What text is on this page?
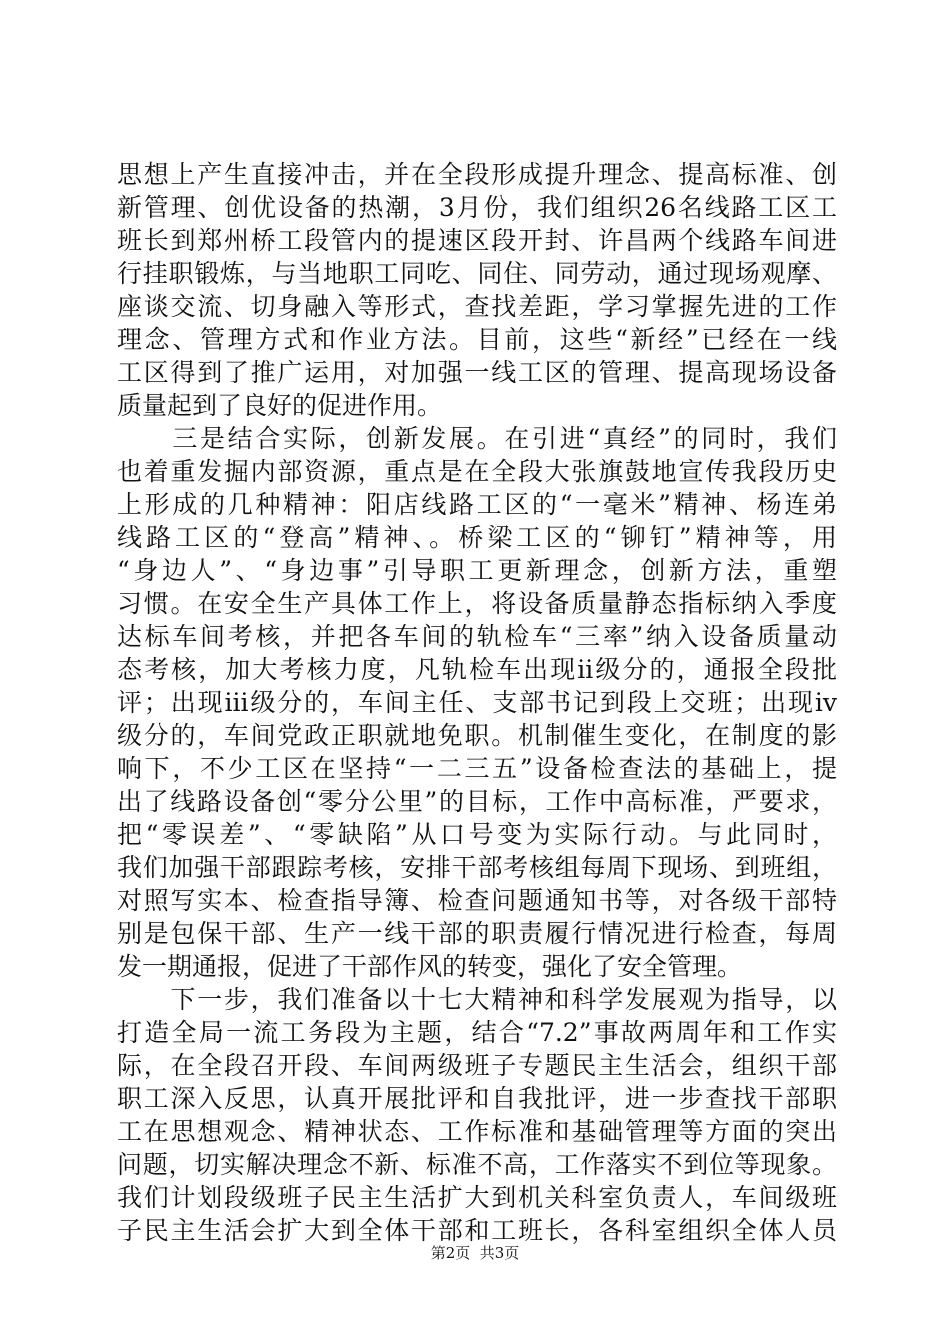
思想上产生直接冲击，并在全段形成提升理念、提高标准、创
新管理、创优设备的热潮，3月份，我们组织26名线路工区工
班长到郑州桥工段管内的提速区段开封、许昌两个线路车间进
行挂职锻炼，与当地职工同吃、同住、同劳动，通过现场观摩、
座谈交流、切身融入等形式，查找差距，学习掌握先进的工作
理念、管理方式和作业方法。目前，这些“新经”已经在一线
工区得到了推广运用，对加强一线工区的管理、提高现场设备
质量起到了良好的促进作用。
　　三是结合实际，创新发展。在引进“真经”的同时，我们
也着重发掘内部资源，重点是在全段大张旗鼓地宣传我段历史
上形成的几种精神：阳店线路工区的“一毫米”精神、杨连弟
线路工区的“登高”精神、。桥梁工区的“铆钉”精神等，用
“身边人”、“身边事”引导职工更新理念，创新方法，重塑
习惯。在安全生产具体工作上，将设备质量静态指标纳入季度
达标车间考核，并把各车间的轨检车“三率”纳入设备质量动
态考核，加大考核力度，凡轨检车出现ii级分的，通报全段批
评；出现iii级分的，车间主任、支部书记到段上交班；出现iv
级分的，车间党政正职就地免职。机制催生变化，在制度的影
响下，不少工区在坚持“一二三五”设备检查法的基础上，提
出了线路设备创“零分公里”的目标，工作中高标准，严要求，
把“零误差”、“零缺陷”从口号变为实际行动。与此同时，
我们加强干部跟踪考核，安排干部考核组每周下现场、到班组，
对照写实本、检查指导簿、检查问题通知书等，对各级干部特
别是包保干部、生产一线干部的职责履行情况进行检查，每周
发一期通报，促进了干部作风的转变，强化了安全管理。
　　下一步，我们准备以十七大精神和科学发展观为指导，以
打造全局一流工务段为主题，结合“7.2”事故两周年和工作实
际，在全段召开段、车间两级班子专题民主生活会，组织干部
职工深入反思，认真开展批评和自我批评，进一步查找干部职
工在思想观念、精神状态、工作标准和基础管理等方面的突出
问题，切实解决理念不新、标准不高，工作落实不到位等现象。
我们计划段级班子民主生活扩大到机关科室负责人，车间级班
子民主生活会扩大到全体干部和工班长，各科室组织全体人员
第2页  共3页
